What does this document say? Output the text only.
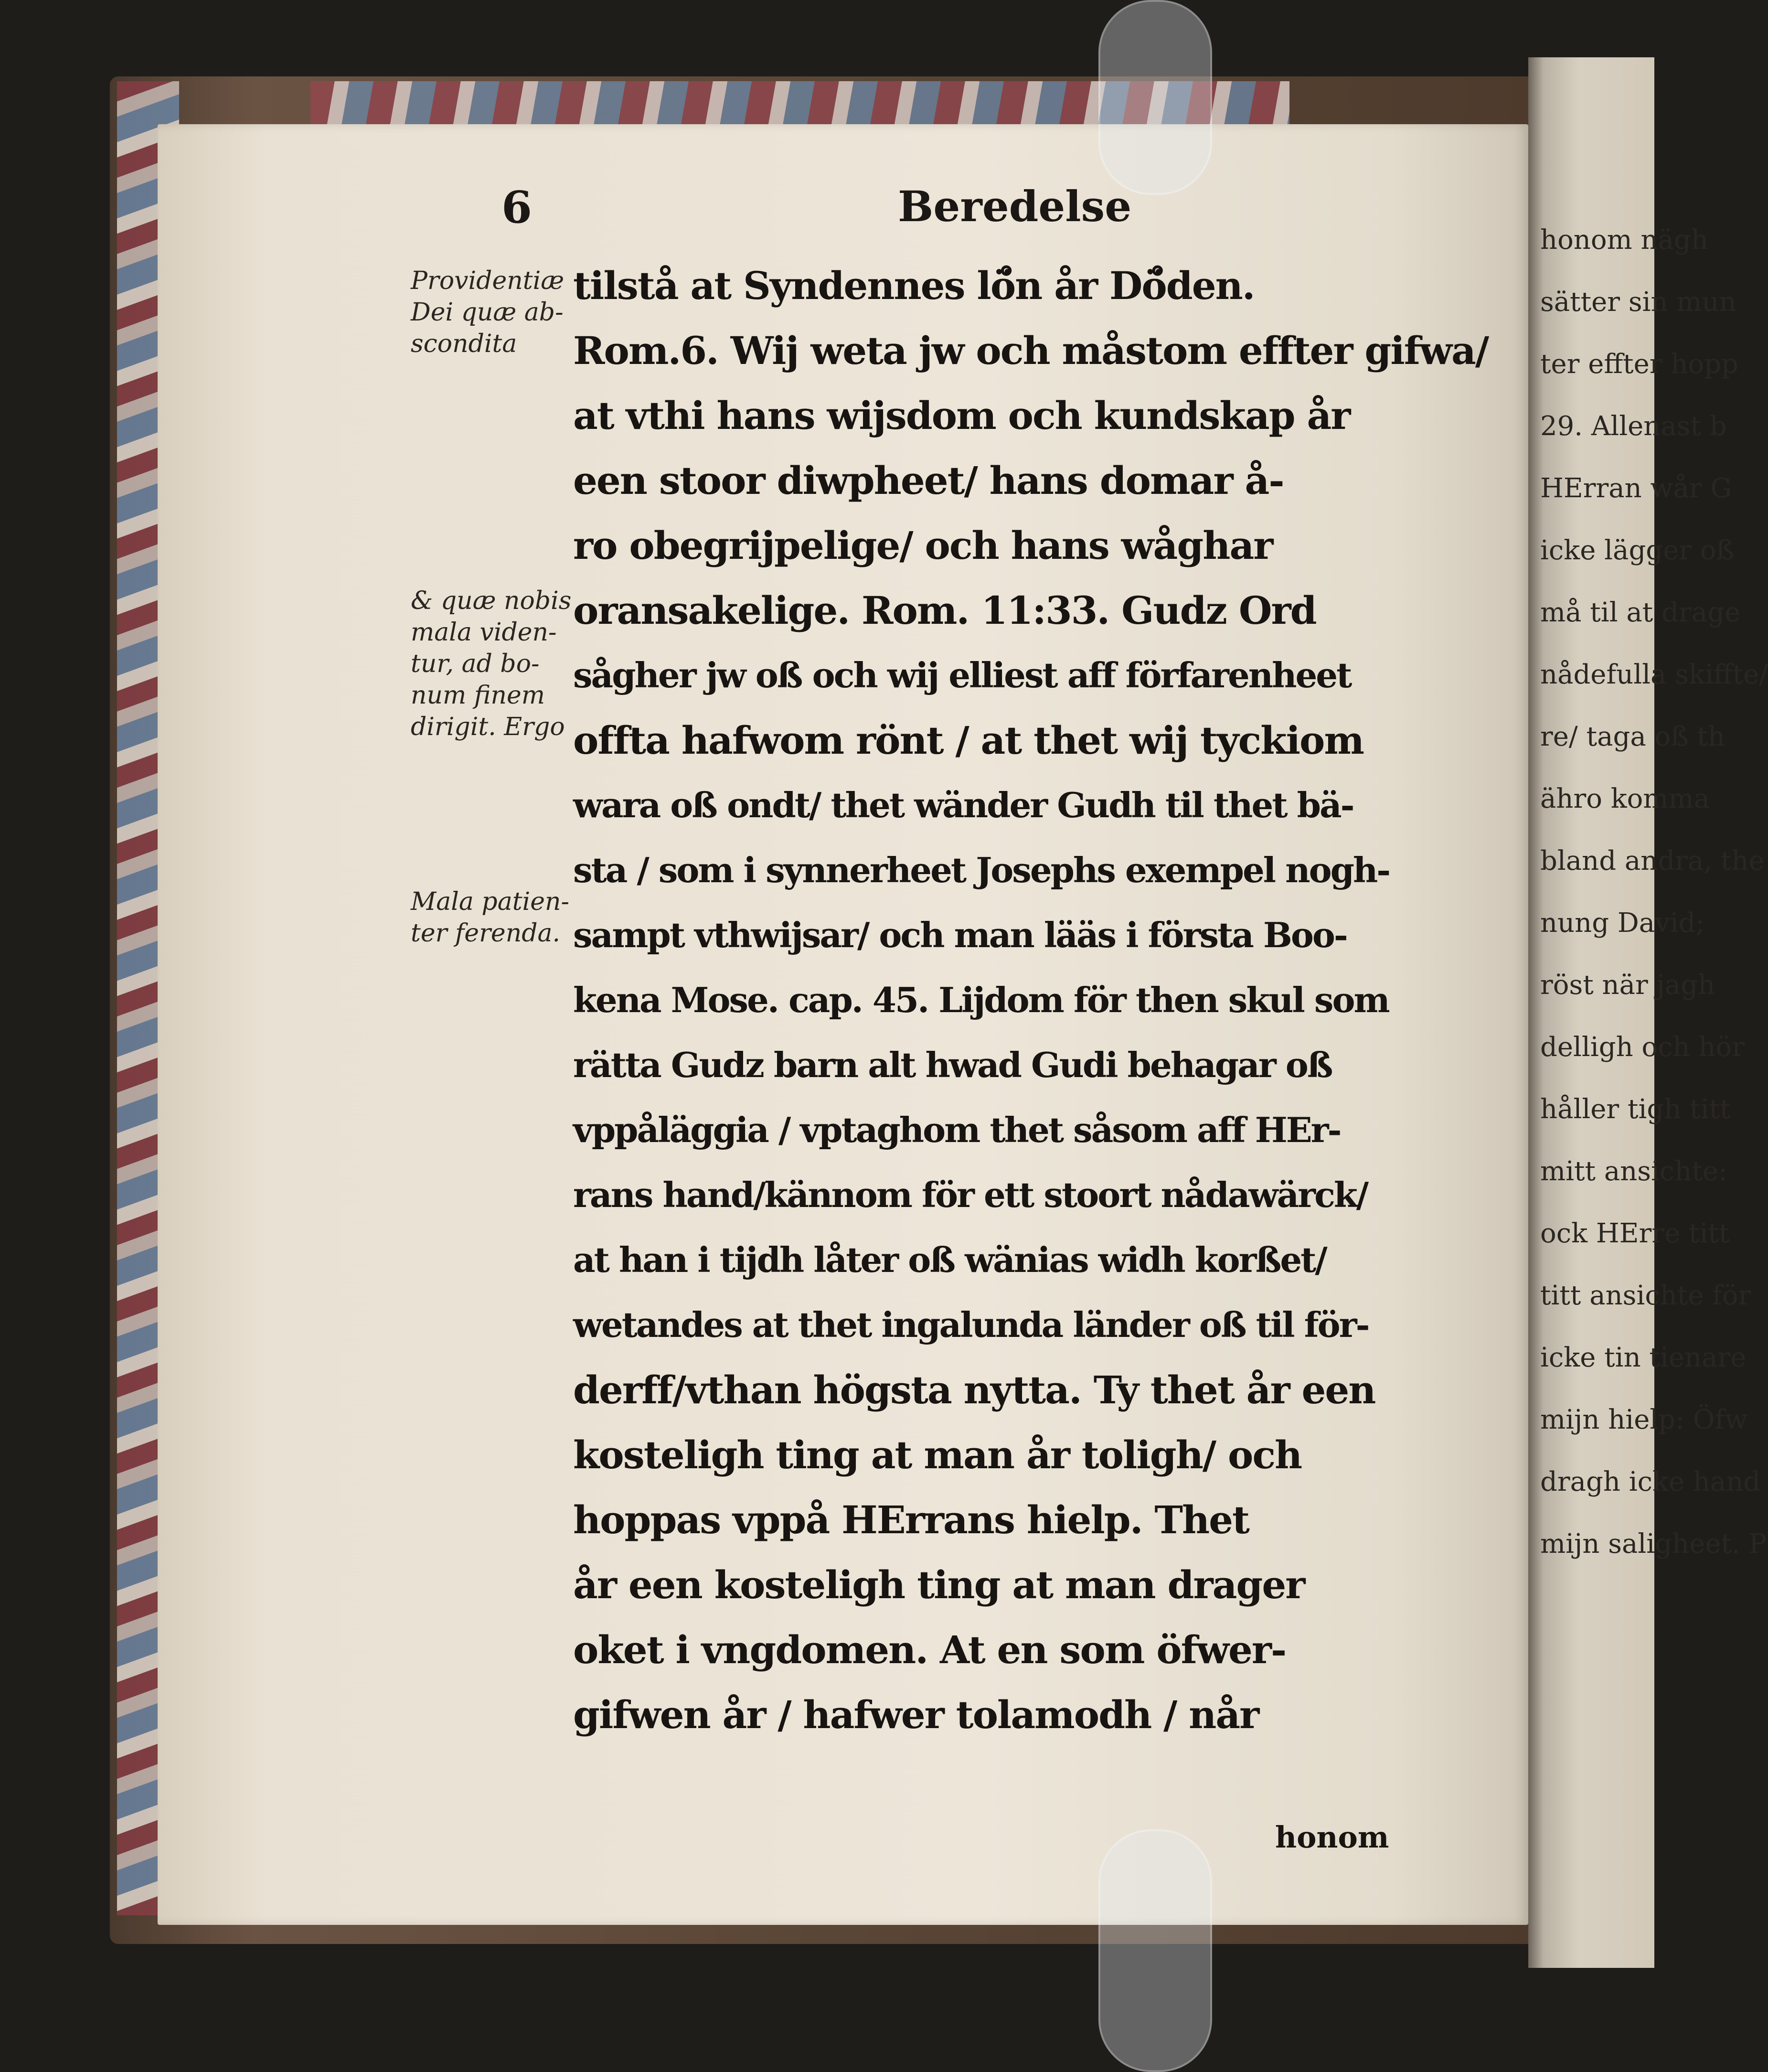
honom nägh
sätter sin mun
ter effter hopp
29. Allenast b
HErran wår G
icke lägger oß
må til at drage
nådefulla skiffte/
re/ taga oß th
ähro komma
bland andra, the
nung David;
röst när jagh
delligh och hör
håller tigh titt
mitt ansichte:
ock HErre titt
titt ansichte för
icke tin tienare
mijn hielp: Öfw
dragh icke hand
mijn saligheet. P
6	Beredelse
Providentiæ
Dei quæ ab-
scondita
& quæ nobis
mala viden-
tur, ad bo-
num finem
dirigit. Ergo
Mala patien-
ter ferenda.
tilstå at Syndennes lö̊n år Dö̊den.
Rom.6. Wij weta jw och måstom effter gifwa/
at vthi hans wijsdom och kundskap år
een stoor diwpheet/ hans domar å-
ro obegrijpelige/ och hans wåghar
oransakelige. Rom. 11:33. Gudz Ord
sågher jw oß och wij elliest aff förfarenheet
offta hafwom rönt / at thet wij tyckiom
wara oß ondt/ thet wänder Gudh til thet bä-
sta / som i synnerheet Josephs exempel nogh-
sampt vthwijsar/ och man lääs i första Boo-
kena Mose. cap. 45. Lijdom för then skul som
rätta Gudz barn alt hwad Gudi behagar oß
vppåläggia / vptaghom thet såsom aff HEr-
rans hand/kännom för ett stoort nådawärck/
at han i tijdh låter oß wänias widh korßet/
wetandes at thet ingalunda länder oß til för-
derff/vthan högsta nytta. Ty thet år een
kosteligh ting at man år toligh/ och
hoppas vppå HErrans hielp. Thet
år een kosteligh ting at man drager
oket i vngdomen. At en som öfwer-
gifwen år / hafwer tolamodh / når
honom
